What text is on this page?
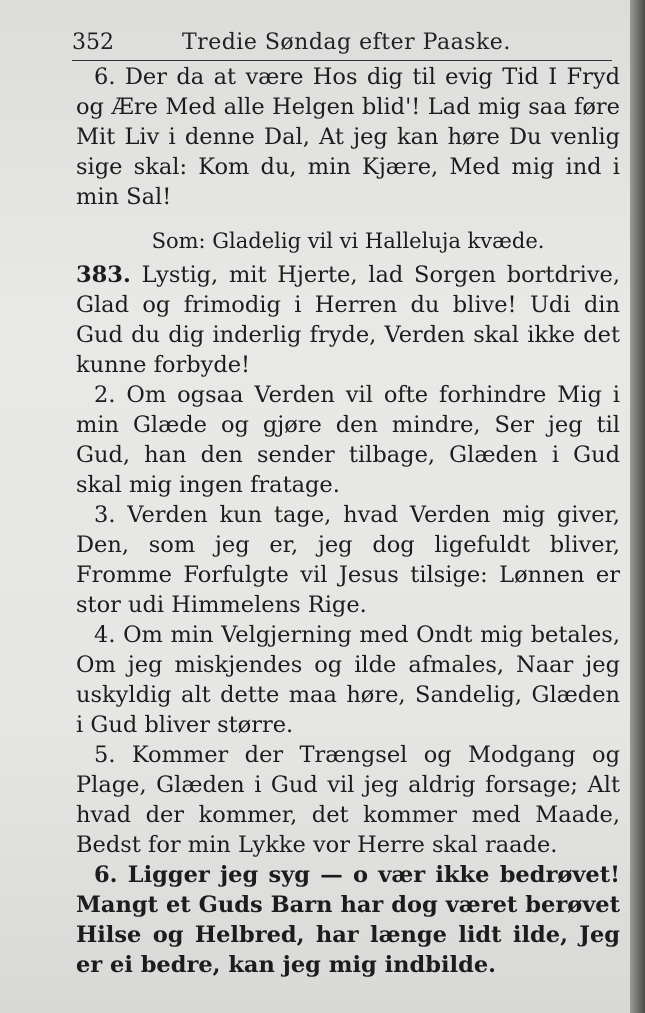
352	Tredie Søndag efter Paaske.

6. Der da at være Hos dig til evig Tid I Fryd og Ære Med alle Helgen blid'! Lad mig saa føre Mit Liv i denne Dal, At jeg kan høre Du venlig sige skal: Kom du, min Kjære, Med mig ind i min Sal!

Som: Gladelig vil vi Halleluja kvæde.

383. Lystig, mit Hjerte, lad Sorgen bortdrive, Glad og frimodig i Herren du blive! Udi din Gud du dig inderlig fryde, Verden skal ikke det kunne forbyde!

2. Om ogsaa Verden vil ofte forhindre Mig i min Glæde og gjøre den mindre, Ser jeg til Gud, han den sender tilbage, Glæden i Gud skal mig ingen fratage.

3. Verden kun tage, hvad Verden mig giver, Den, som jeg er, jeg dog ligefuldt bliver, Fromme Forfulgte vil Jesus tilsige: Lønnen er stor udi Himmelens Rige.

4. Om min Velgjerning med Ondt mig betales, Om jeg miskjendes og ilde afmales, Naar jeg uskyldig alt dette maa høre, Sandelig, Glæden i Gud bliver større.

5. Kommer der Trængsel og Modgang og Plage, Glæden i Gud vil jeg aldrig forsage; Alt hvad der kommer, det kommer med Maade, Bedst for min Lykke vor Herre skal raade.

6. Ligger jeg syg — o vær ikke bedrøvet! Mangt et Guds Barn har dog været berøvet Hilse og Helbred, har længe lidt ilde, Jeg er ei bedre, kan jeg mig indbilde.
